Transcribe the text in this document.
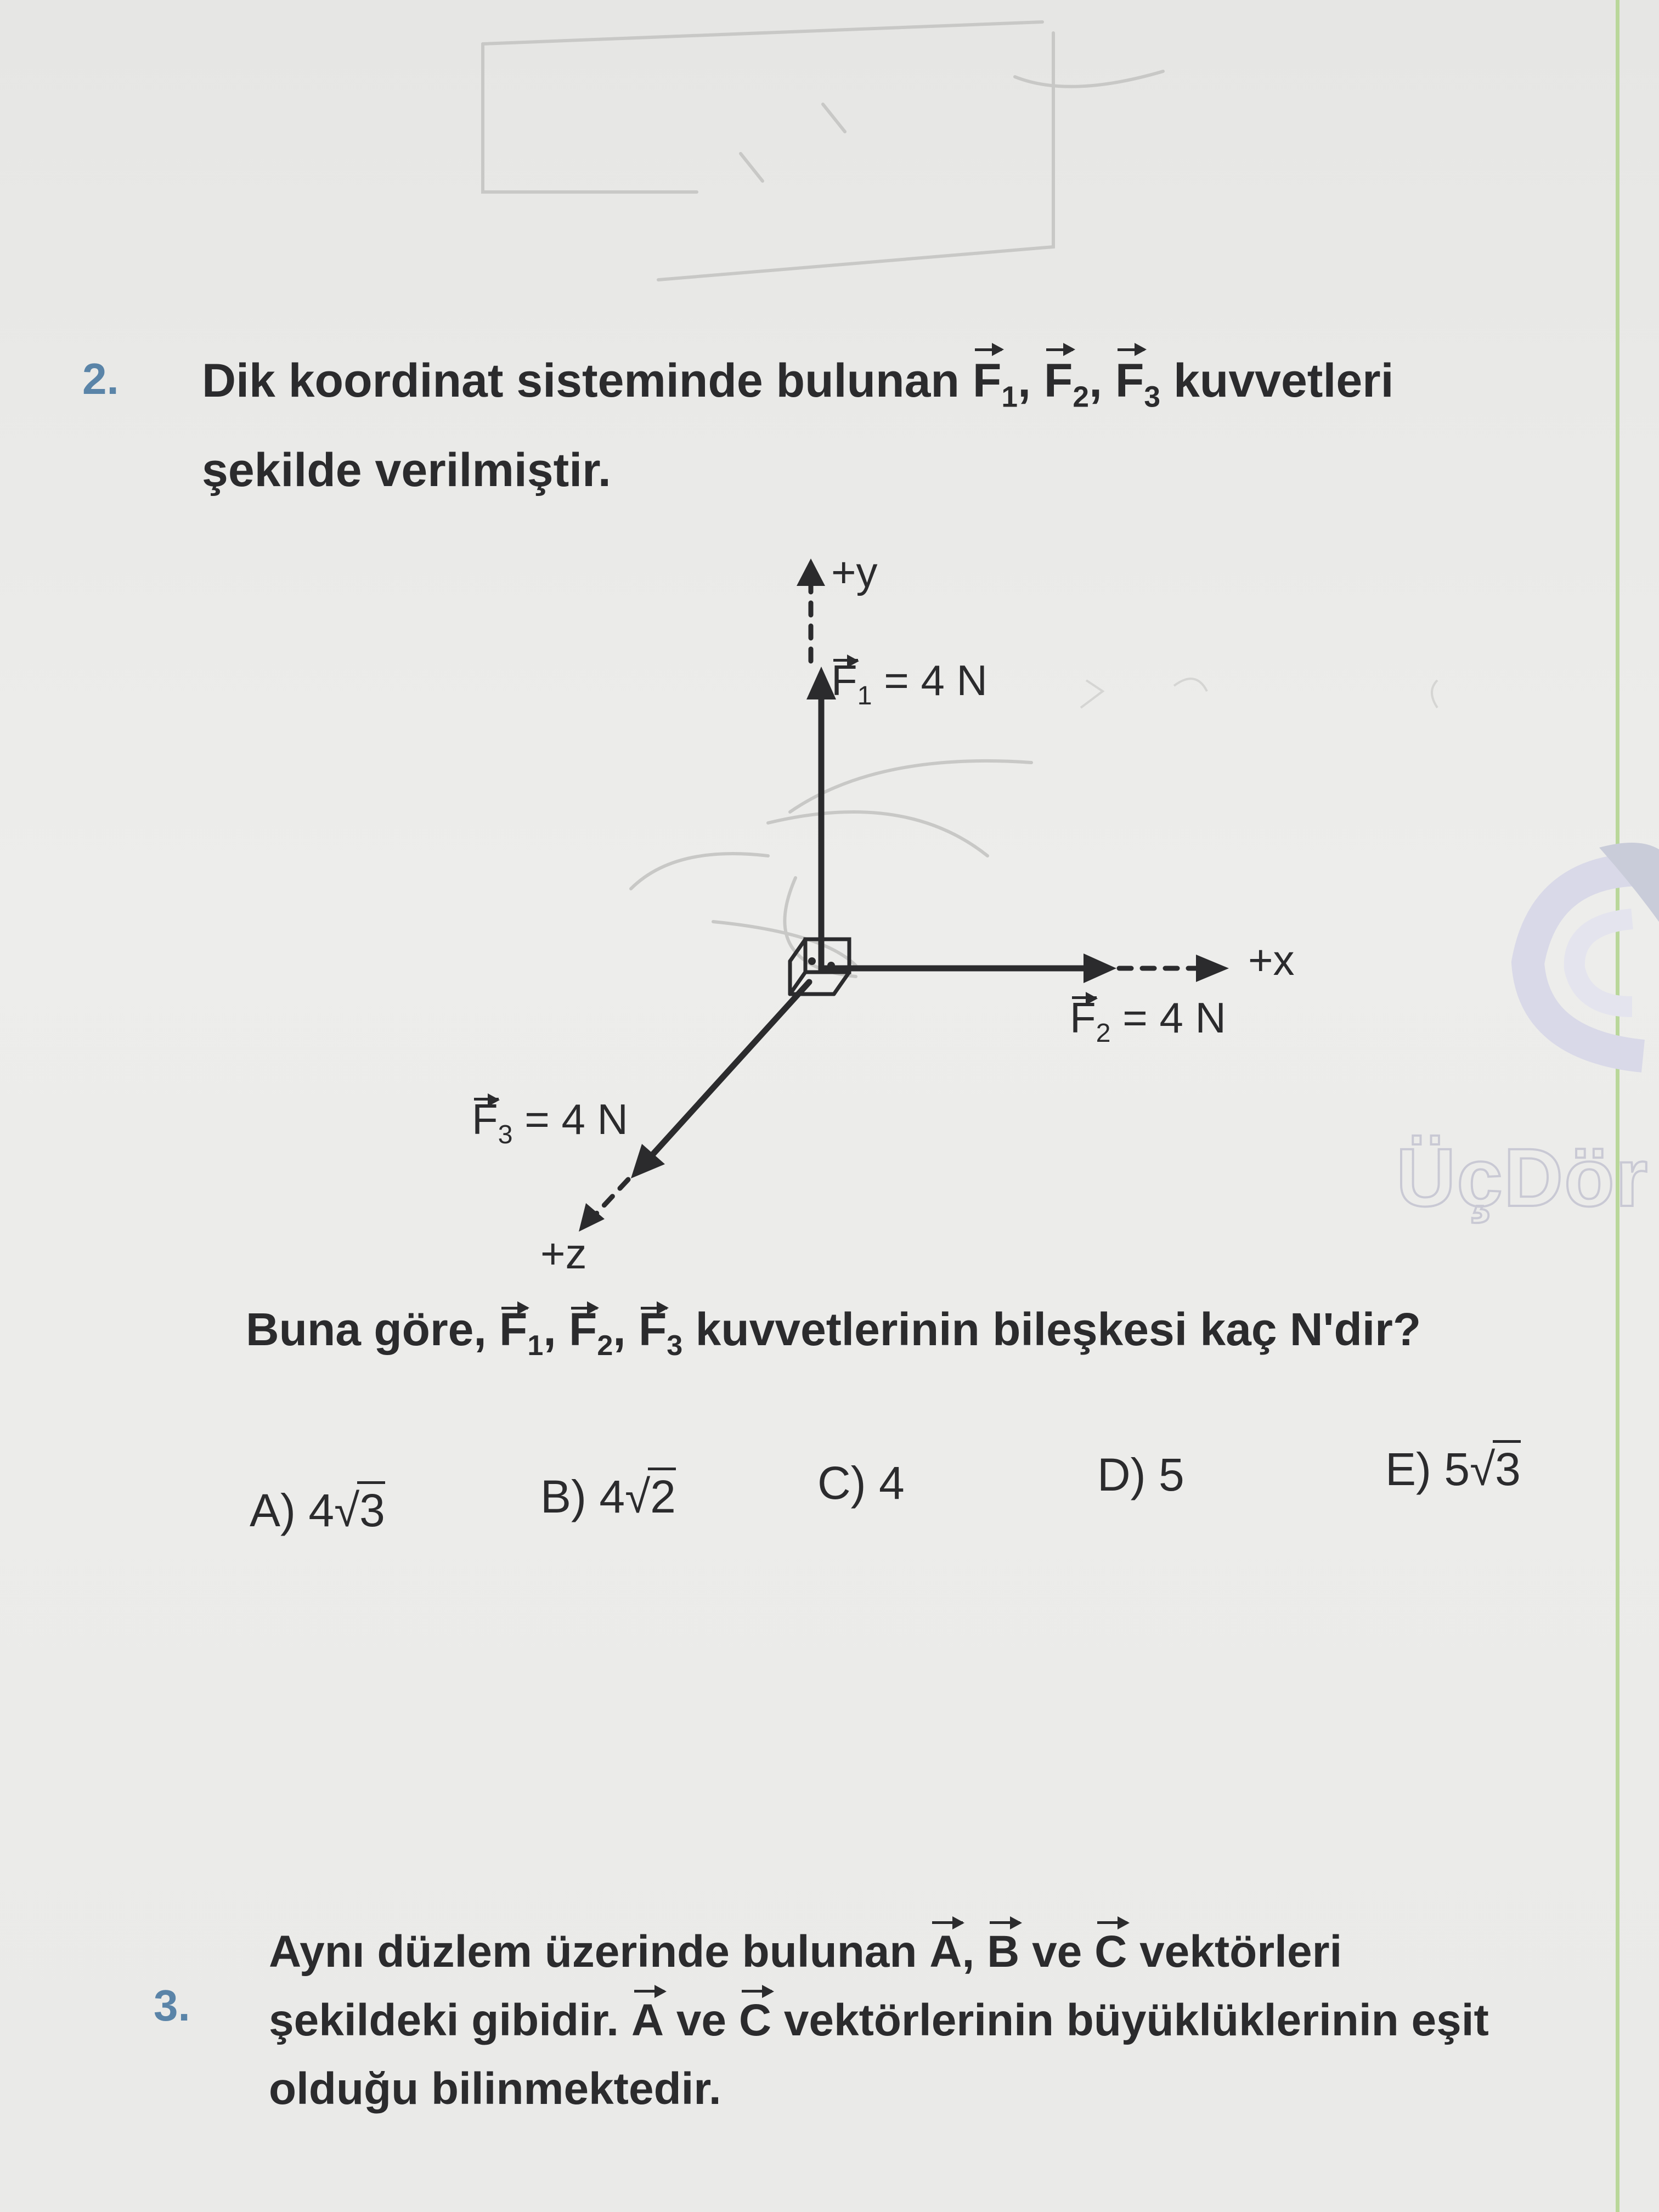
ÜçDör
2. Dik koordinat sisteminde bulunan $F_1$, $F_2$, $F_3$ kuvvetleri
şekilde verilmiştir.
+y
$F_1 = 4$ N
+x
$F_2 = 4$ N
$F_3 = 4$ N
+z
Buna göre, $F_1$, $F_2$, $F_3$ kuvvetlerinin bileşkesi kaç N'dir?
A) 4√3	B) 4√2	C) 4	D) 5	E) 5√3
3.
Aynı düzlem üzerinde bulunan A, B ve C vektörleri
şekildeki gibidir. A ve C vektörlerinin büyüklüklerinin eşit
olduğu bilinmektedir.
